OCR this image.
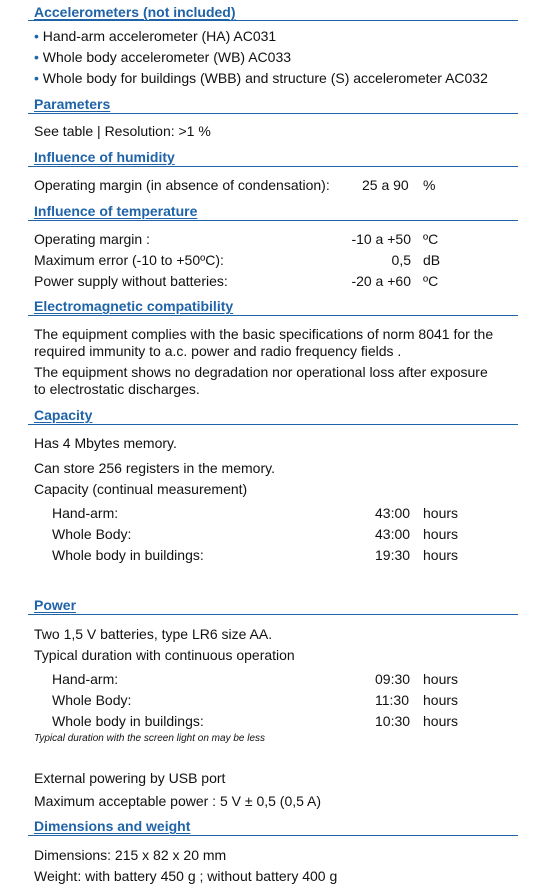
Accelerometers (not included)
• Hand-arm accelerometer (HA) AC031
• Whole body accelerometer (WB) AC033
• Whole body for buildings (WBB) and structure (S) accelerometer AC032
Parameters
See table | Resolution: >1 %
Influence of humidity
Operating margin (in absence of condensation): 25 a 90 %
Influence of temperature
Operating margin :	-10 a +50 ºC
Maximum error (-10 to +50ºC):	0,5 dB
Power supply without batteries:	-20 a +60 ºC
Electromagnetic compatibility
The equipment complies with the basic specifications of norm 8041 for the
required immunity to a.c. power and radio frequency fields .
The equipment shows no degradation nor operational loss after exposure
to electrostatic discharges.
Capacity
Has 4 Mbytes memory.
Can store 256 registers in the memory.
Capacity (continual measurement)
Hand-arm:	43:00 hours
Whole Body:	43:00 hours
Whole body in buildings:	19:30 hours
Power
Two 1,5 V batteries, type LR6 size AA.
Typical duration with continuous operation
Hand-arm:	09:30 hours
Whole Body:	11:30 hours
Whole body in buildings:	10:30 hours
Typical duration with the screen light on may be less
External powering by USB port
Maximum acceptable power : 5 V ± 0,5 (0,5 A)
Dimensions and weight
Dimensions: 215 x 82 x 20 mm
Weight: with battery 450 g ; without battery 400 g
